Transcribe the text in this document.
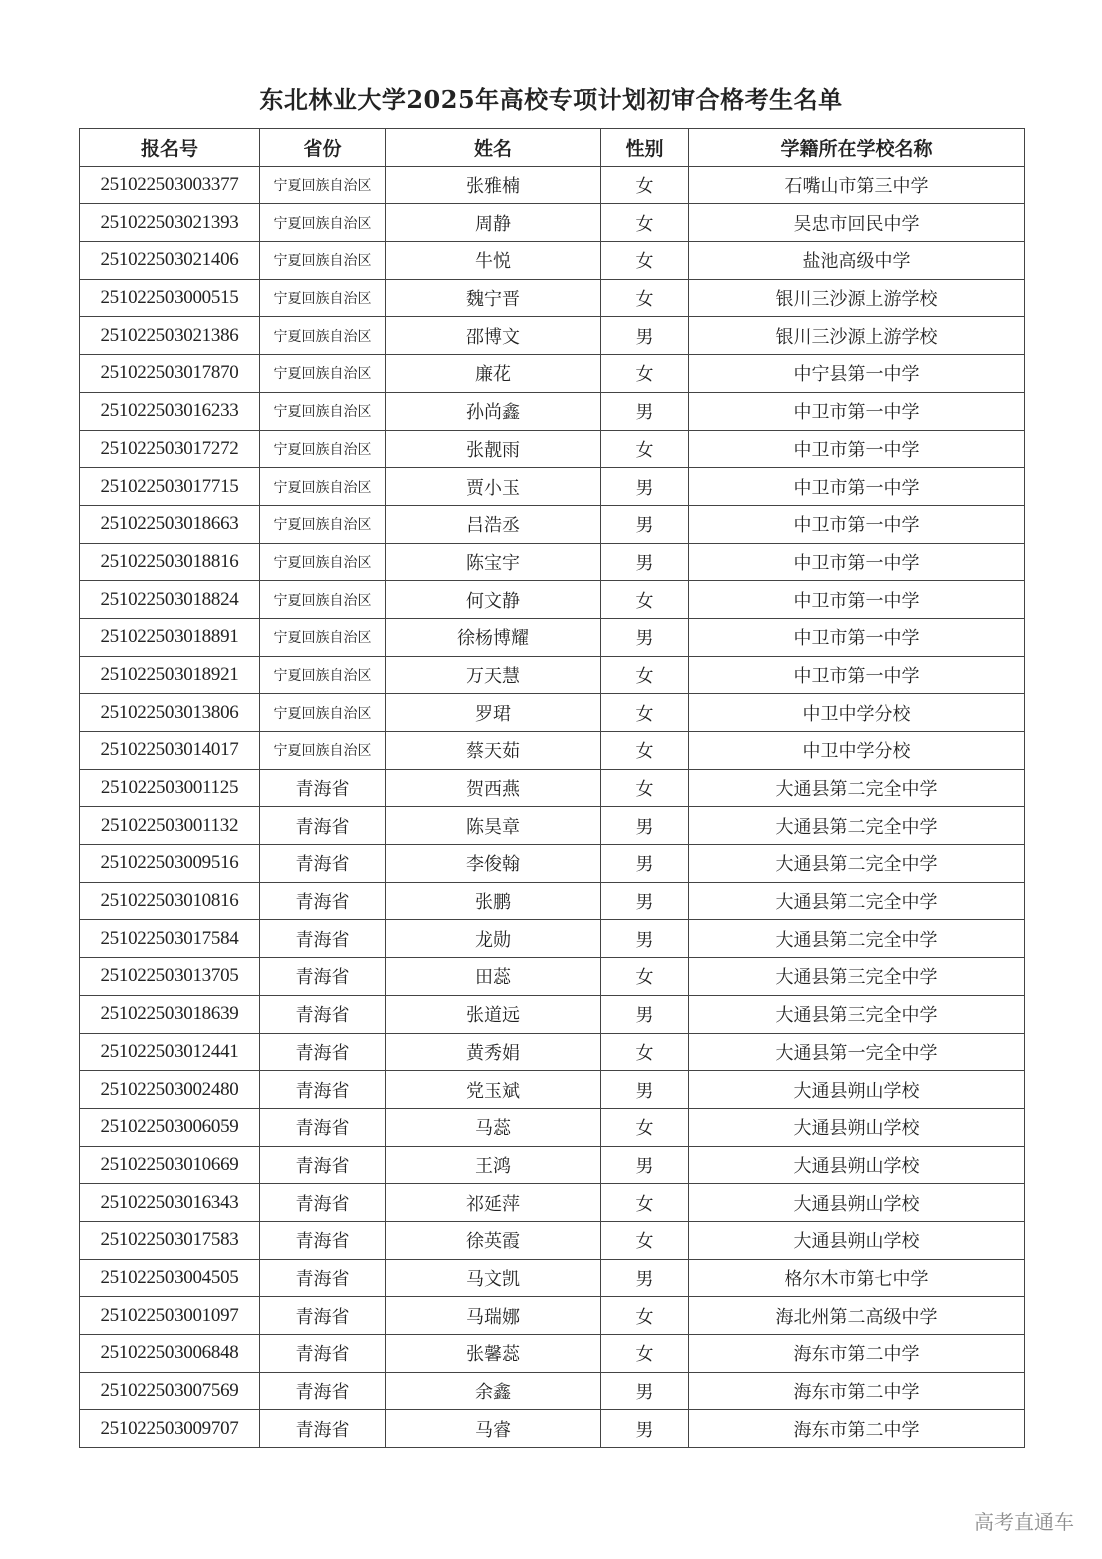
东北林业大学2025年高校专项计划初审合格考生名单
报名号	省份	姓名	性别	学籍所在学校名称
251022503003377	宁夏回族自治区	张雅楠	女	石嘴山市第三中学
251022503021393	宁夏回族自治区	周静	女	吴忠市回民中学
251022503021406	宁夏回族自治区	牛悦	女	盐池高级中学
251022503000515	宁夏回族自治区	魏宁晋	女	银川三沙源上游学校
251022503021386	宁夏回族自治区	邵博文	男	银川三沙源上游学校
251022503017870	宁夏回族自治区	廉花	女	中宁县第一中学
251022503016233	宁夏回族自治区	孙尚鑫	男	中卫市第一中学
251022503017272	宁夏回族自治区	张靓雨	女	中卫市第一中学
251022503017715	宁夏回族自治区	贾小玉	男	中卫市第一中学
251022503018663	宁夏回族自治区	吕浩丞	男	中卫市第一中学
251022503018816	宁夏回族自治区	陈宝宇	男	中卫市第一中学
251022503018824	宁夏回族自治区	何文静	女	中卫市第一中学
251022503018891	宁夏回族自治区	徐杨博耀	男	中卫市第一中学
251022503018921	宁夏回族自治区	万天慧	女	中卫市第一中学
251022503013806	宁夏回族自治区	罗珺	女	中卫中学分校
251022503014017	宁夏回族自治区	蔡天茹	女	中卫中学分校
251022503001125	青海省	贺西燕	女	大通县第二完全中学
251022503001132	青海省	陈昊章	男	大通县第二完全中学
251022503009516	青海省	李俊翰	男	大通县第二完全中学
251022503010816	青海省	张鹏	男	大通县第二完全中学
251022503017584	青海省	龙勋	男	大通县第二完全中学
251022503013705	青海省	田蕊	女	大通县第三完全中学
251022503018639	青海省	张道远	男	大通县第三完全中学
251022503012441	青海省	黄秀娟	女	大通县第一完全中学
251022503002480	青海省	党玉斌	男	大通县朔山学校
251022503006059	青海省	马蕊	女	大通县朔山学校
251022503010669	青海省	王鸿	男	大通县朔山学校
251022503016343	青海省	祁延萍	女	大通县朔山学校
251022503017583	青海省	徐英霞	女	大通县朔山学校
251022503004505	青海省	马文凯	男	格尔木市第七中学
251022503001097	青海省	马瑞娜	女	海北州第二高级中学
251022503006848	青海省	张馨蕊	女	海东市第二中学
251022503007569	青海省	余鑫	男	海东市第二中学
251022503009707	青海省	马睿	男	海东市第二中学
高考直通车
